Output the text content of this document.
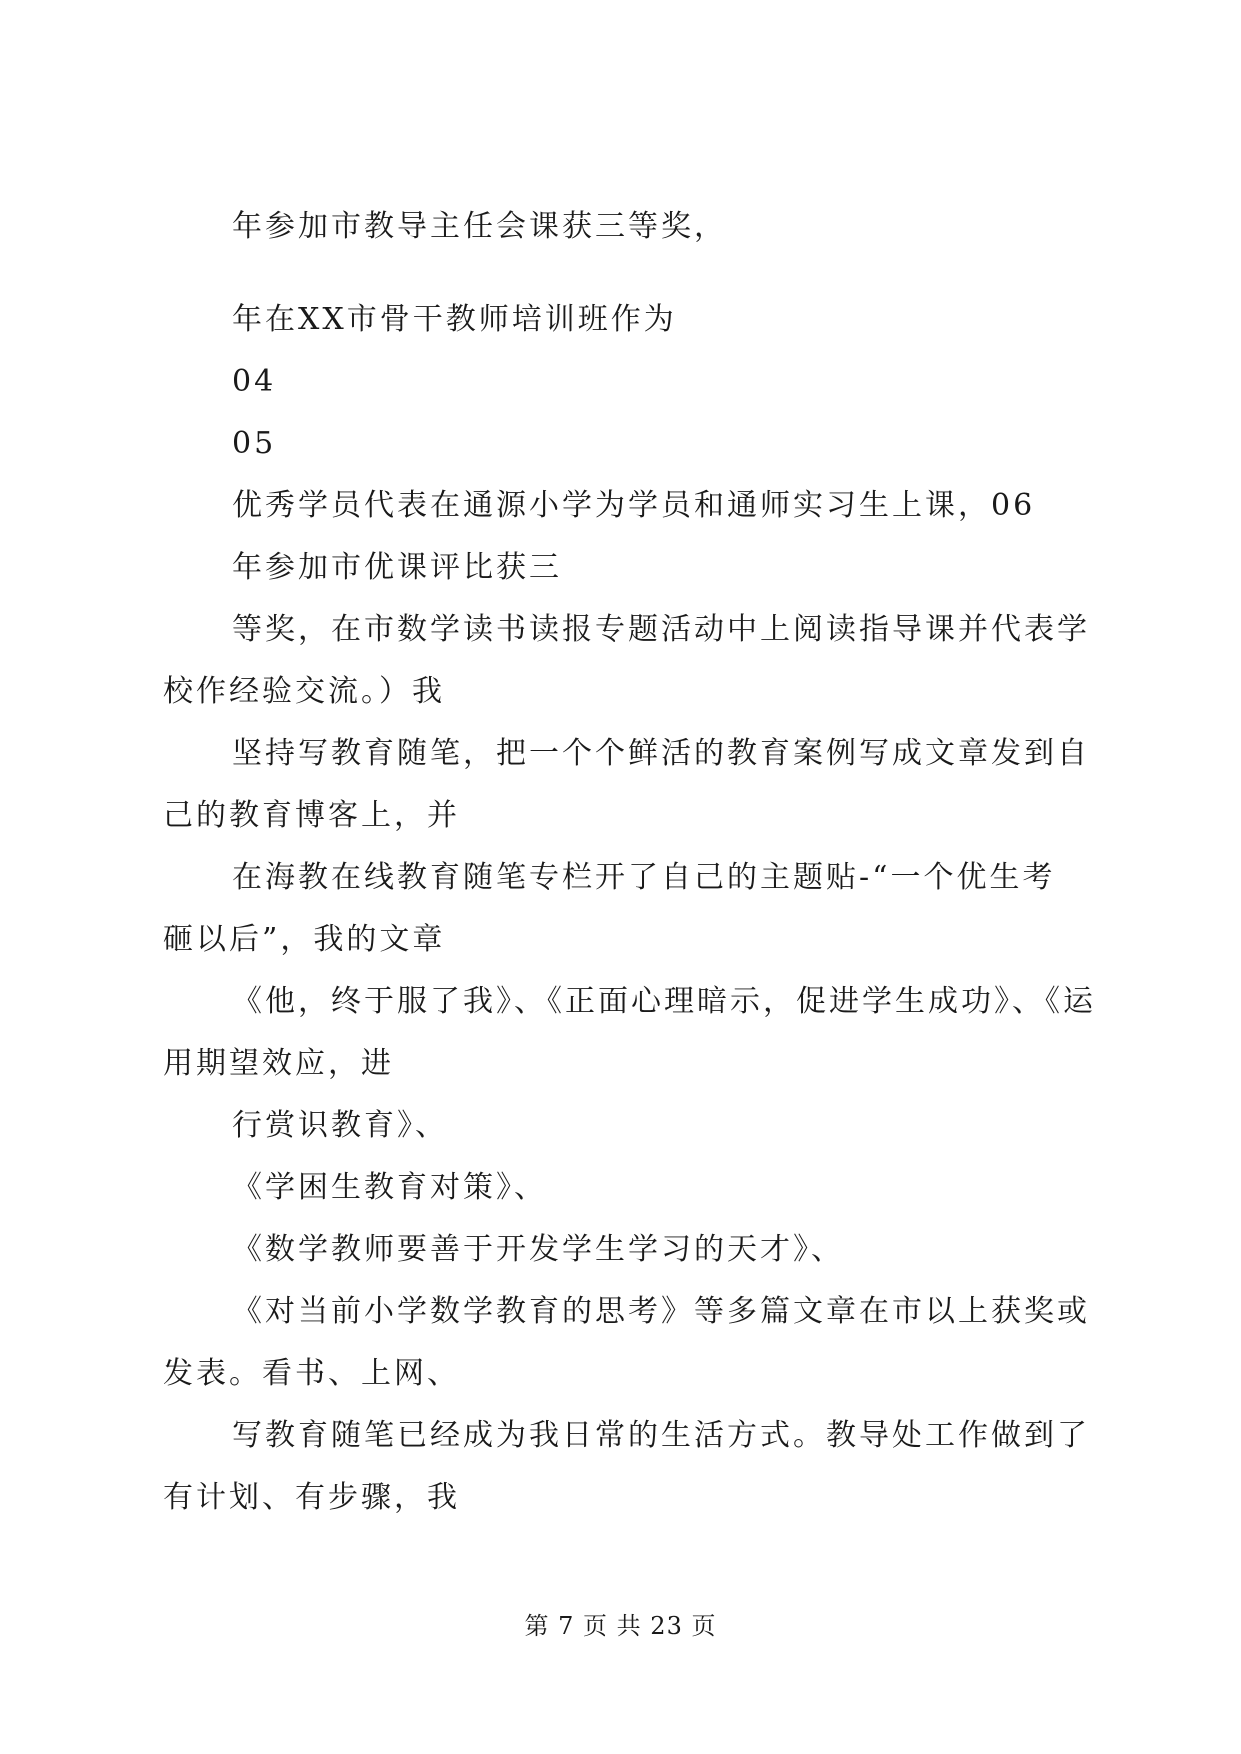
年参加市教导主任会课获三等奖，
年在XX市骨干教师培训班作为
04
05
优秀学员代表在通源小学为学员和通师实习生上课，06
年参加市优课评比获三
等奖，在市数学读书读报专题活动中上阅读指导课并代表学
校作经验交流。）我
坚持写教育随笔，把一个个鲜活的教育案例写成文章发到自
己的教育博客上，并
在海教在线教育随笔专栏开了自己的主题贴-“一个优生考
砸以后”，我的文章
《他，终于服了我》、《正面心理暗示，促进学生成功》、《运
用期望效应，进
行赏识教育》、
《学困生教育对策》、
《数学教师要善于开发学生学习的天才》、
《对当前小学数学教育的思考》等多篇文章在市以上获奖或
发表。看书、上网、
写教育随笔已经成为我日常的生活方式。教导处工作做到了
有计划、有步骤，我
第 7 页 共 23 页
